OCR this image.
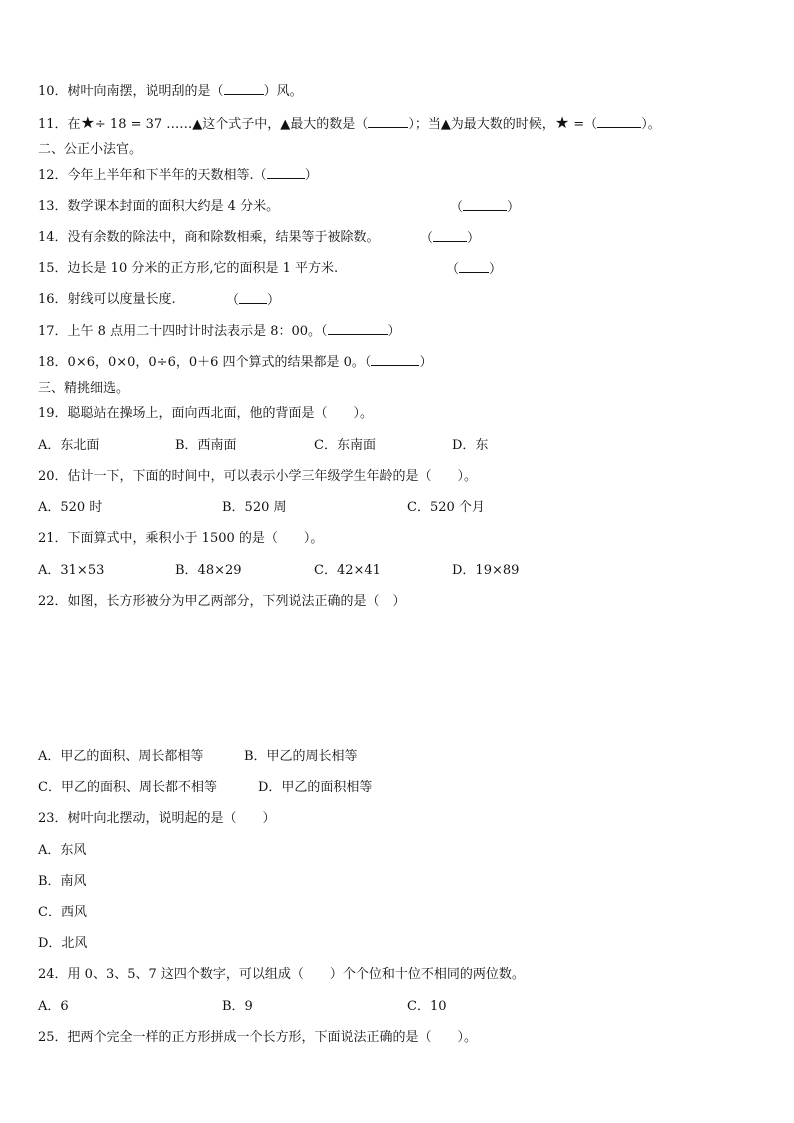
10．树叶向南摆，说明刮的是（	）风。
11．在★÷ 18 = 37 ……▲这个式子中，▲最大的数是（	）；当▲为最大数的时候，★ =（	）。
二、公正小法官。
12．今年上半年和下半年的天数相等.（	）
13．数学课本封面的面积大约是 4 分米。	（	）
14．没有余数的除法中，商和除数相乘，结果等于被除数。	（	）
15．边长是 10 分米的正方形,它的面积是 1 平方米.	（ ）
16．射线可以度量长度.	（ ）
17．上午 8 点用二十四时计时法表示是 8：00。（	）
18．0×6，0×0，0÷6，0＋6 四个算式的结果都是 0。（	）
三、精挑细选。
19．聪聪站在操场上，面向西北面，他的背面是（　　）。
A．东北面	B．西南面	C．东南面	D．东
20．估计一下，下面的时间中，可以表示小学三年级学生年龄的是（　　）。
A．520 时	B．520 周	C．520 个月
21．下面算式中，乘积小于 1500 的是（　　）。
A．31×53	B．48×29	C．42×41	D．19×89
22．如图，长方形被分为甲乙两部分，下列说法正确的是（　）
A．甲乙的面积、周长都相等	B．甲乙的周长相等
C．甲乙的面积、周长都不相等	D．甲乙的面积相等
23．树叶向北摆动，说明起的是（　　）
A．东风
B．南风
C．西风
D．北风
24．用 0、3、5、7 这四个数字，可以组成（　　）个个位和十位不相同的两位数。
A．6	B．9	C．10
25．把两个完全一样的正方形拼成一个长方形，下面说法正确的是（　　）。
